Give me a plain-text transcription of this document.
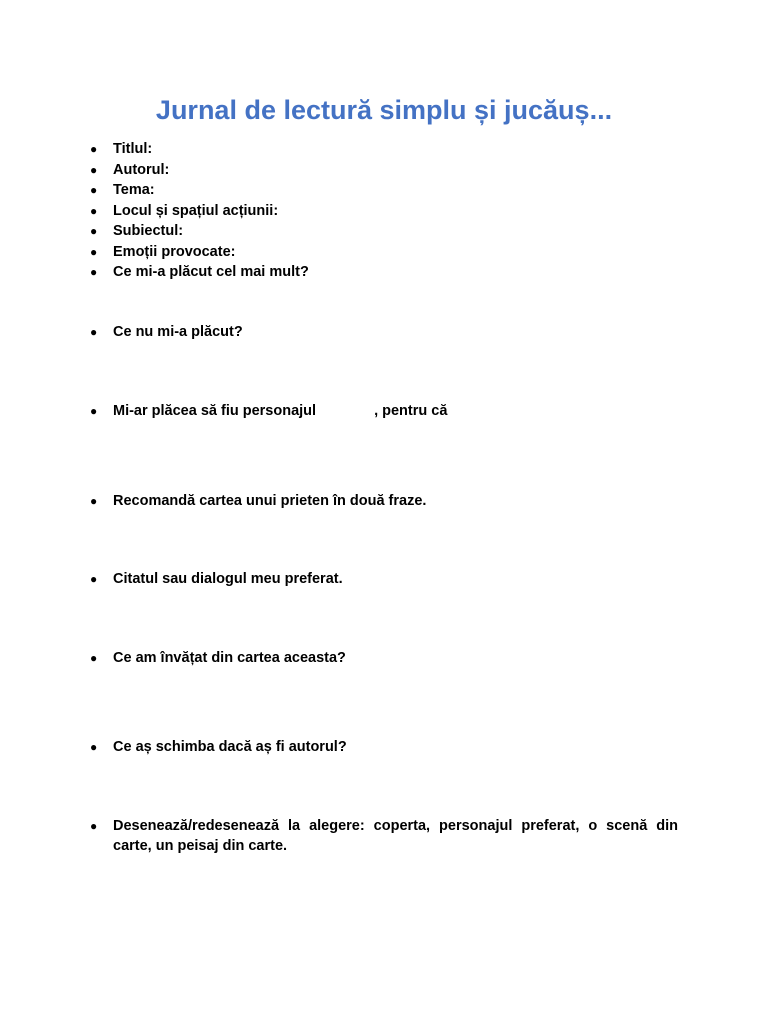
Jurnal de lectură simplu și jucăuș...
●	Titlul:
●	Autorul:
●	Tema:
●	Locul și spațiul acțiunii:
●	Subiectul:
●	Emoții provocate:
●	Ce mi-a plăcut cel mai mult?
●	Ce nu mi-a plăcut?
●	Mi-ar plăcea să fiu personajul	, pentru că
●	Recomandă cartea unui prieten în două fraze.
●	Citatul sau dialogul meu preferat.
●	Ce am învățat din cartea aceasta?
●	Ce aș schimba dacă aș fi autorul?
●	Desenează/redesenează la alegere: coperta, personajul preferat, o scenă din carte, un peisaj din carte.
